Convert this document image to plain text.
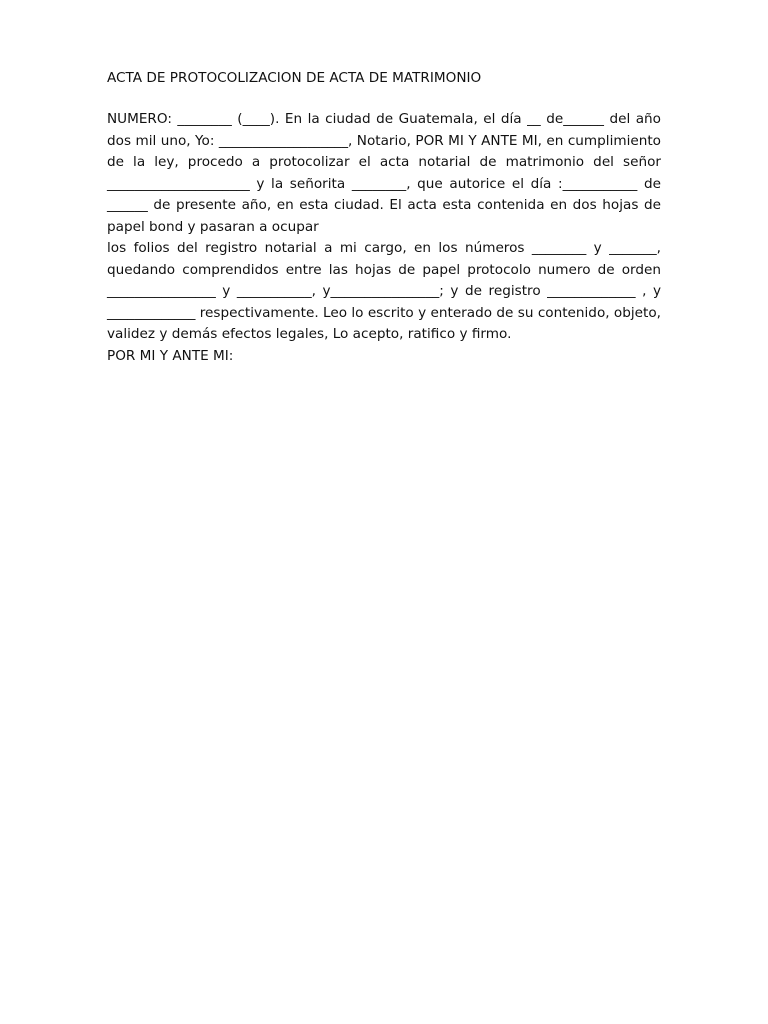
ACTA DE PROTOCOLIZACION DE ACTA DE MATRIMONIO

NUMERO: ________ (____). En la ciudad de Guatemala, el día __ de______ del año dos mil uno, Yo: ___________________, Notario, POR MI Y ANTE MI, en cumplimiento de la ley, procedo a protocolizar el acta notarial de matrimonio del señor _____________________ y la señorita ________, que autorice el día :___________ de ______ de presente año, en esta ciudad. El acta esta contenida en dos hojas de papel bond y pasaran a ocupar
los folios del registro notarial a mi cargo, en los números ________ y _______, quedando comprendidos entre las hojas de papel protocolo numero de orden ________________ y ___________, y________________; y de registro _____________ , y _____________ respectivamente. Leo lo escrito y enterado de su contenido, objeto, validez y demás efectos legales, Lo acepto, ratifico y firmo.

POR MI Y ANTE MI:
